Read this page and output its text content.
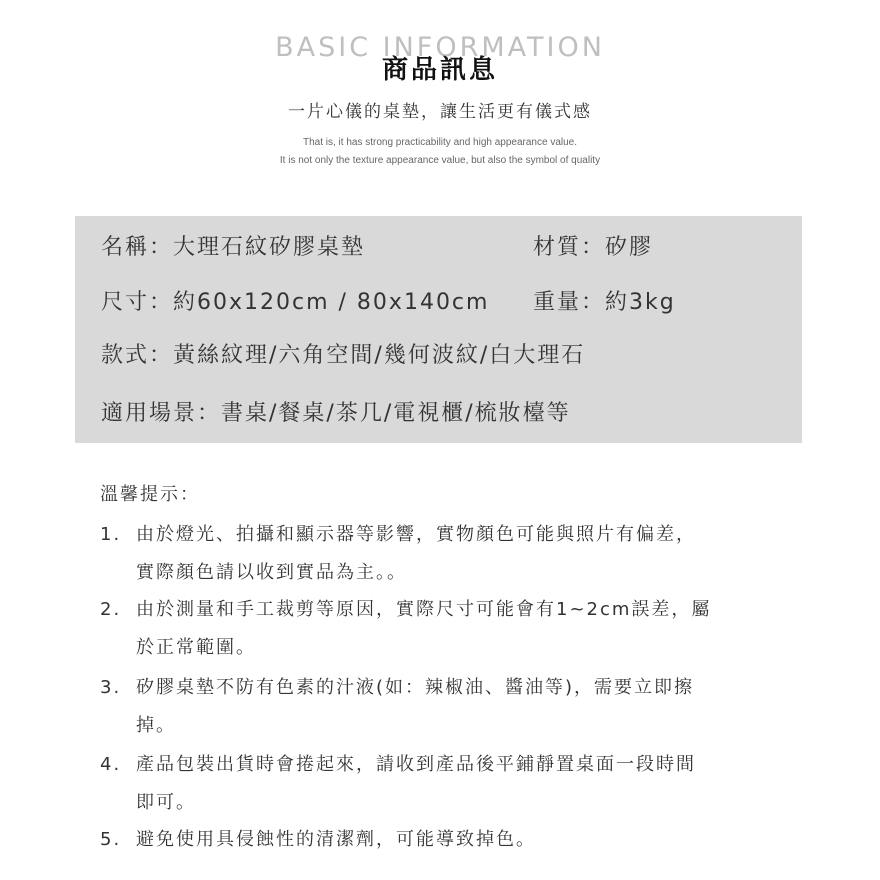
BASIC INFORMATION
商品訊息
一片心儀的桌墊，讓生活更有儀式感
That is, it has strong practicability and high appearance value.
It is not only the texture appearance value, but also the symbol of quality
名稱：大理石紋矽膠桌墊	材質：矽膠
尺寸：約60x120cm / 80x140cm 重量：約3kg
款式：黃絲紋理/六角空間/幾何波紋/白大理石
適用場景：書桌/餐桌/茶几/電視櫃/梳妝檯等
溫馨提示：
1. 由於燈光、拍攝和顯示器等影響，實物顏色可能與照片有偏差，
實際顏色請以收到實品為主。。
2. 由於測量和手工裁剪等原因，實際尺寸可能會有1~2cm誤差，屬
於正常範圍。
3. 矽膠桌墊不防有色素的汁液(如：辣椒油、醬油等)，需要立即擦
掉。
4. 產品包裝出貨時會捲起來，請收到產品後平鋪靜置桌面一段時間
即可。
5. 避免使用具侵蝕性的清潔劑，可能導致掉色。
